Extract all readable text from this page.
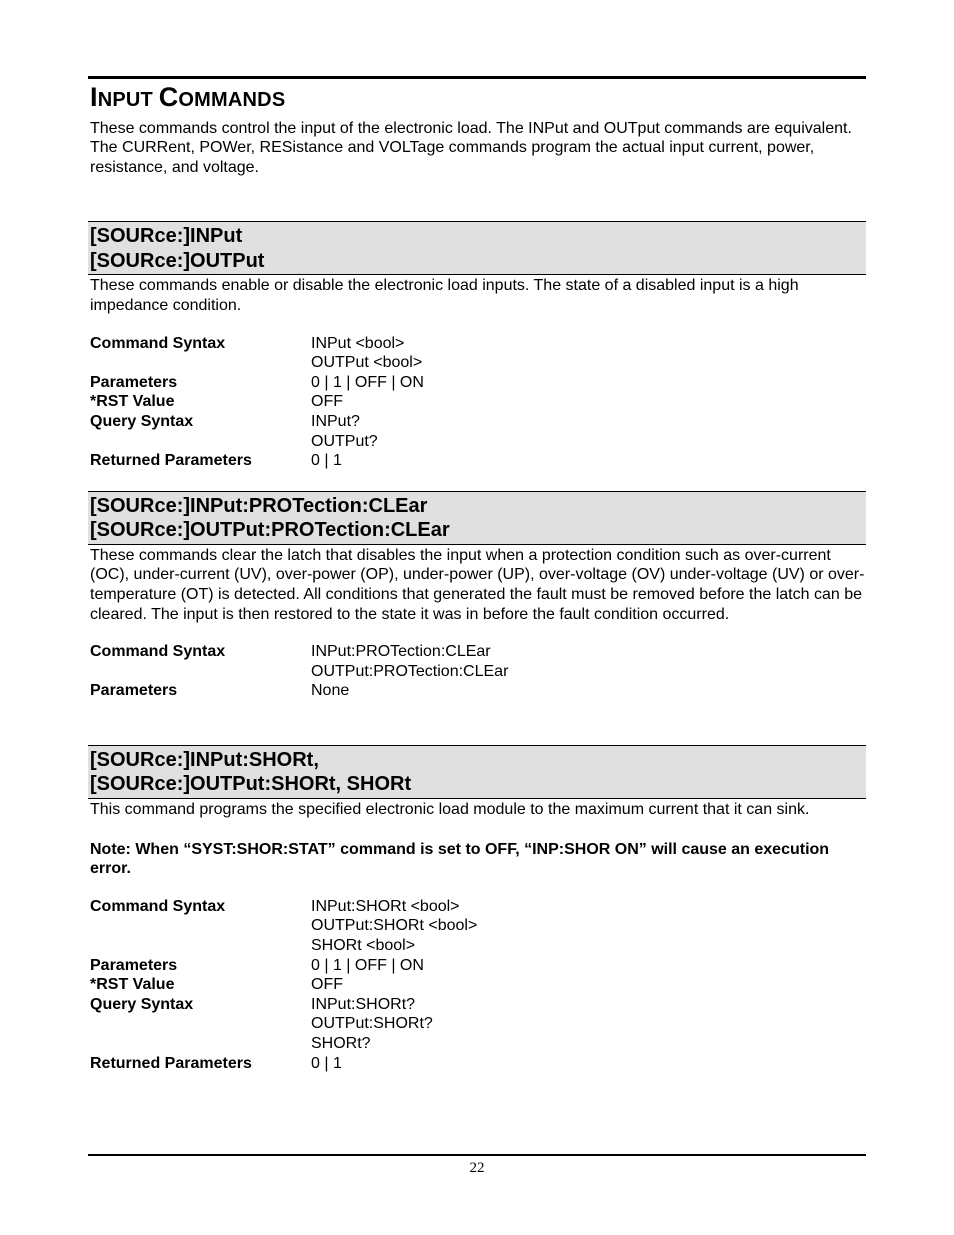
INPUT COMMANDS

These commands control the input of the electronic load. The INPut and OUTput commands are equivalent. The CURRent, POWer, RESistance and VOLTage commands program the actual input current, power, resistance, and voltage.

[SOURce:]INPut
[SOURce:]OUTPut

These commands enable or disable the electronic load inputs. The state of a disabled input is a high impedance condition.

Command Syntax	INPut <bool>
	OUTPut <bool>
Parameters	0 | 1 | OFF | ON
*RST Value	OFF
Query Syntax	INPut?
	OUTPut?
Returned Parameters	0 | 1
[SOURce:]INPut:PROTection:CLEar
[SOURce:]OUTPut:PROTection:CLEar

These commands clear the latch that disables the input when a protection condition such as over-current (OC), under-current (UV), over-power (OP), under-power (UP), over-voltage (OV) under-voltage (UV) or over-temperature (OT) is detected. All conditions that generated the fault must be removed before the latch can be cleared. The input is then restored to the state it was in before the fault condition occurred.

Command Syntax	INPut:PROTection:CLEar
	OUTPut:PROTection:CLEar
Parameters	None
[SOURce:]INPut:SHORt,
[SOURce:]OUTPut:SHORt, SHORt

This command programs the specified electronic load module to the maximum current that it can sink.

Note: When “SYST:SHOR:STAT” command is set to OFF, “INP:SHOR ON” will cause an execution error.

Command Syntax	INPut:SHORt <bool>
	OUTPut:SHORt <bool>
	SHORt <bool>
Parameters	0 | 1 | OFF | ON
*RST Value	OFF
Query Syntax	INPut:SHORt?
	OUTPut:SHORt?
	SHORt?
Returned Parameters	0 | 1
22
